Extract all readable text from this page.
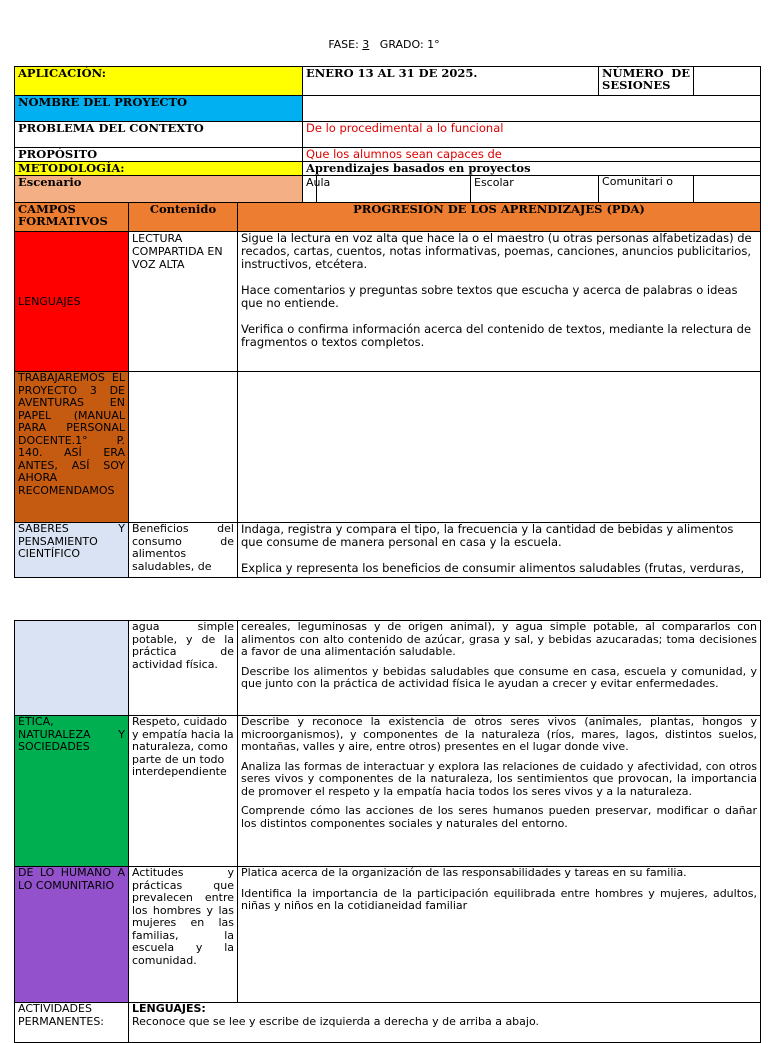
FASE: 3 GRADO: 1°
APLICACIÓN:			ENERO 13 AL 31 DE 2025.			NÚMERO DE SESIONES	
NOMBRE DEL PROYECTO							
PROBLEMA DEL CONTEXTO			De lo procedimental a lo funcional				
PROPÓSITO			Que los alumnos sean capaces de				
METODOLOGÍA:			Aprendizajes basados en proyectos				
Escenario			Aula		Escolar	Comunitari o	
CAMPOS FORMATIVOS	Contenido	PROGRESIÓN DE LOS APRENDIZAJES (PDA)					
LENGUAJES	LECTURA COMPARTIDA EN VOZ ALTA	Sigue la lectura en voz alta que hace la o el maestro (u otras personas alfabetizadas) de recados, cartas, cuentos, notas informativas, poemas, canciones, anuncios publicitarios, instructivos, etcétera.

Hace comentarios y preguntas sobre textos que escucha y acerca de palabras o ideas que no entiende.

Verifica o confirma información acerca del contenido de textos, mediante la relectura de fragmentos o textos completos.					

TRABAJAREMOS EL PROYECTO 3 DE AVENTURAS EN PAPEL (MANUAL PARA PERSONAL DOCENTE.1° P. 140. ASÍ ERA ANTES, ASÍ SOY AHORA RECOMENDAMOS							
SABERES Y PENSAMIENTO CIENTÍFICO	Beneficios del consumo de alimentos saludables, de	Indaga, registra y compara el tipo, la frecuencia y la cantidad de bebidas y alimentos que consume de manera personal en casa y la escuela.

Explica y representa los beneficios de consumir alimentos saludables (frutas, verduras,					

	agua simple potable, y de la práctica de actividad física.	cereales, leguminosas y de origen animal), y agua simple potable, al compararlos con alimentos con alto contenido de azúcar, grasa y sal, y bebidas azucaradas; toma decisiones a favor de una alimentación saludable.

Describe los alimentos y bebidas saludables que consume en casa, escuela y comunidad, y que junto con la práctica de actividad física le ayudan a crecer y evitar enfermedades.

ÉTICA, NATURALEZA Y SOCIEDADES	Respeto, cuidado y empatía hacia la naturaleza, como parte de un todo interdependiente	Describe y reconoce la existencia de otros seres vivos (animales, plantas, hongos y microorganismos), y componentes de la naturaleza (ríos, mares, lagos, distintos suelos, montañas, valles y aire, entre otros) presentes en el lugar donde vive.

Analiza las formas de interactuar y explora las relaciones de cuidado y afectividad, con otros seres vivos y componentes de la naturaleza, los sentimientos que provocan, la importancia de promover el respeto y la empatía hacia todos los seres vivos y a la naturaleza.

Comprende cómo las acciones de los seres humanos pueden preservar, modificar o dañar los distintos componentes sociales y naturales del entorno.

DE LO HUMANO A LO COMUNITARIO	Actitudes y prácticas que prevalecen entre los hombres y las mujeres en las familias, la escuela y la comunidad.	Platica acerca de la organización de las responsabilidades y tareas en su familia.

Identifica la importancia de la participación equilibrada entre hombres y mujeres, adultos, niñas y niños en la cotidianeidad familiar

ACTIVIDADES PERMANENTES:	LENGUAJES:
Reconoce que se lee y escribe de izquierda a derecha y de arriba a abajo.	
